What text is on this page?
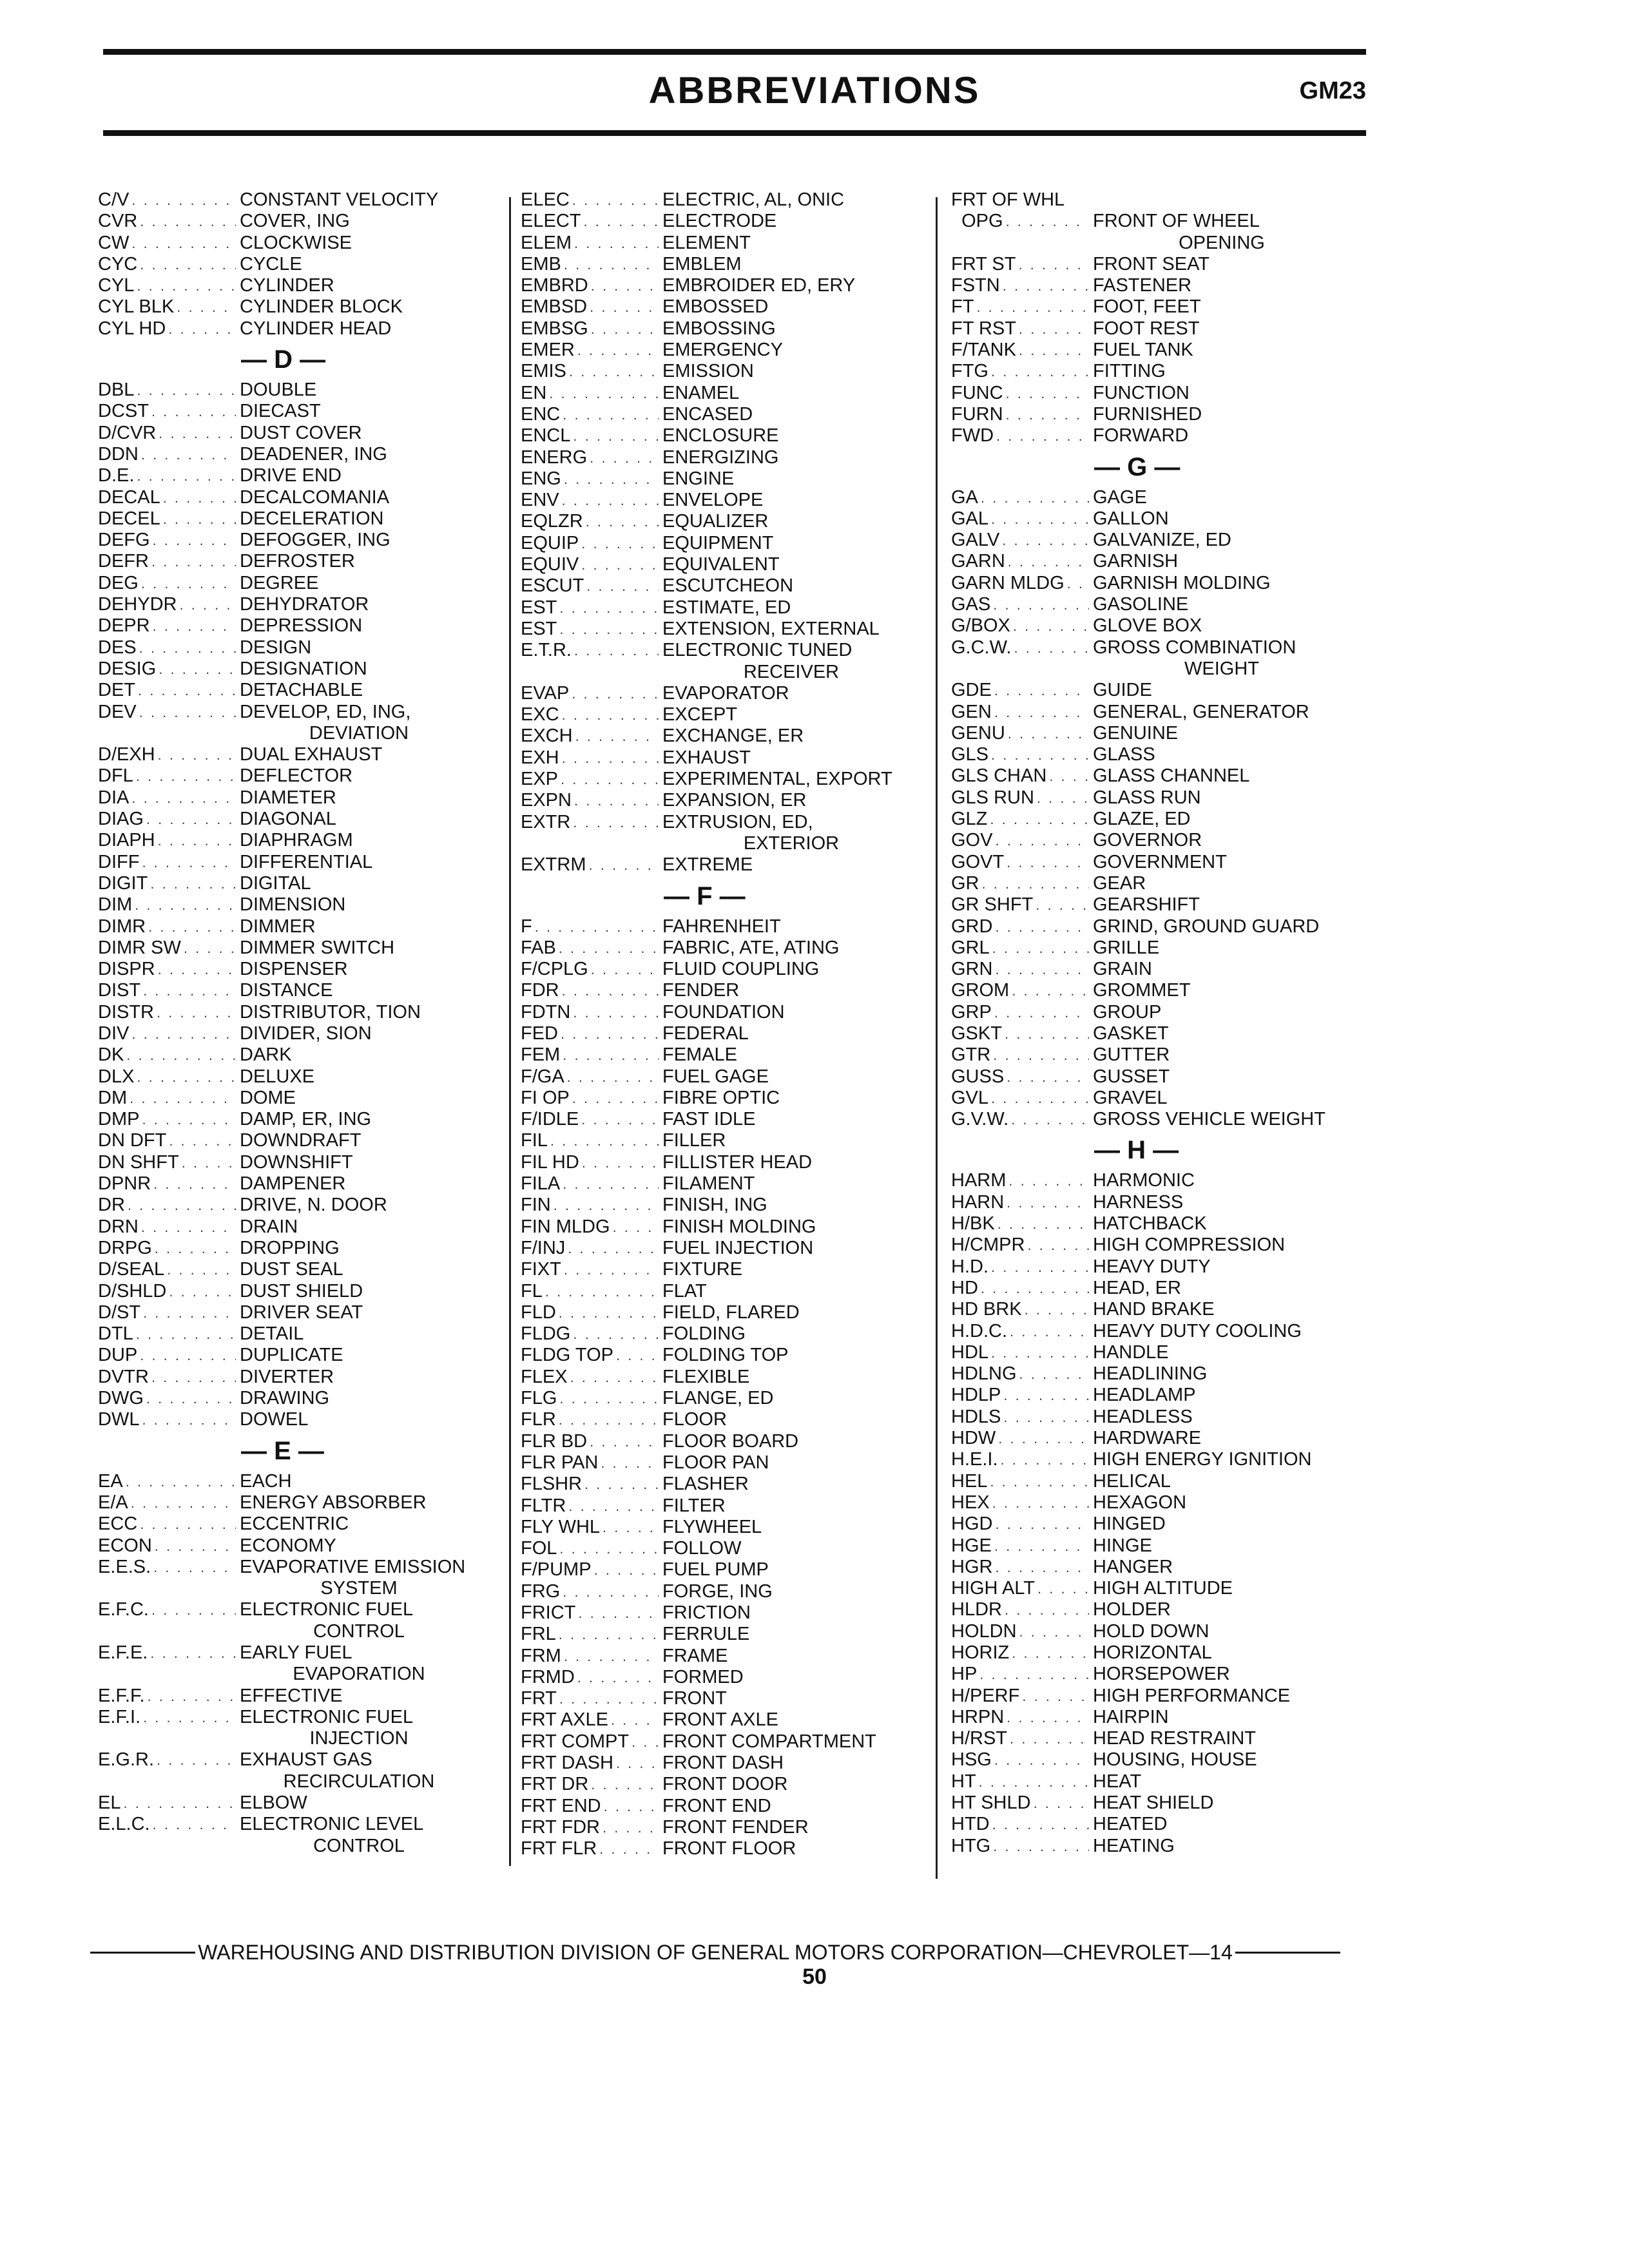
ABBREVIATIONS	GM23
C/V . . .	CONSTANT VELOCITY
CVR . . .	COVER, ING
CW . . .	CLOCKWISE
CYC . . .	CYCLE
CYL . . .	CYLINDER
CYL BLK . . .	CYLINDER BLOCK
CYL HD . . .	CYLINDER HEAD
— D —
DBL . . .	DOUBLE
DCST . . .	DIECAST
D/CVR . . .	DUST COVER
DDN . . .	DEADENER, ING
D.E. . . .	DRIVE END
DECAL . . .	DECALCOMANIA
DECEL . . .	DECELERATION
DEFG . . .	DEFOGGER, ING
DEFR . . .	DEFROSTER
DEG . . .	DEGREE
DEHYDR . . .	DEHYDRATOR
DEPR . . .	DEPRESSION
DES . . .	DESIGN
DESIG . . .	DESIGNATION
DET . . .	DETACHABLE
DEV . . .	DEVELOP, ED, ING,
DEVIATION
D/EXH . . .	DUAL EXHAUST
DFL . . .	DEFLECTOR
DIA . . .	DIAMETER
DIAG . . .	DIAGONAL
DIAPH . . .	DIAPHRAGM
DIFF . . .	DIFFERENTIAL
DIGIT . . .	DIGITAL
DIM . . .	DIMENSION
DIMR . . .	DIMMER
DIMR SW . . .	DIMMER SWITCH
DISPR . . .	DISPENSER
DIST . . .	DISTANCE
DISTR . . .	DISTRIBUTOR, TION
DIV . . .	DIVIDER, SION
DK . . .	DARK
DLX . . .	DELUXE
DM . . .	DOME
DMP . . .	DAMP, ER, ING
DN DFT . . .	DOWNDRAFT
DN SHFT . . .	DOWNSHIFT
DPNR . . .	DAMPENER
DR . . .	DRIVE, N. DOOR
DRN . . .	DRAIN
DRPG . . .	DROPPING
D/SEAL . . .	DUST SEAL
D/SHLD . . .	DUST SHIELD
D/ST . . .	DRIVER SEAT
DTL . . .	DETAIL
DUP . . .	DUPLICATE
DVTR . . .	DIVERTER
DWG . . .	DRAWING
DWL . . .	DOWEL
— E —
EA . . .	EACH
E/A . . .	ENERGY ABSORBER
ECC . . .	ECCENTRIC
ECON . . .	ECONOMY
E.E.S. . . .	EVAPORATIVE EMISSION
SYSTEM
E.F.C. . . .	ELECTRONIC FUEL
CONTROL
E.F.E. . . .	EARLY FUEL
EVAPORATION
E.F.F. . . .	EFFECTIVE
E.F.I. . . .	ELECTRONIC FUEL
INJECTION
E.G.R. . . .	EXHAUST GAS
RECIRCULATION
EL . . .	ELBOW
E.L.C. . . .	ELECTRONIC LEVEL
CONTROL
ELEC . . .	ELECTRIC, AL, ONIC
ELECT . . .	ELECTRODE
ELEM . . .	ELEMENT
EMB . . .	EMBLEM
EMBRD . . .	EMBROIDER ED, ERY
EMBSD . . .	EMBOSSED
EMBSG . . .	EMBOSSING
EMER . . .	EMERGENCY
EMIS . . .	EMISSION
EN . . .	ENAMEL
ENC . . .	ENCASED
ENCL . . .	ENCLOSURE
ENERG . . .	ENERGIZING
ENG . . .	ENGINE
ENV . . .	ENVELOPE
EQLZR . . .	EQUALIZER
EQUIP . . .	EQUIPMENT
EQUIV . . .	EQUIVALENT
ESCUT . . .	ESCUTCHEON
EST . . .	ESTIMATE, ED
EST . . .	EXTENSION, EXTERNAL
E.T.R. . . .	ELECTRONIC TUNED
RECEIVER
EVAP . . .	EVAPORATOR
EXC . . .	EXCEPT
EXCH . . .	EXCHANGE, ER
EXH . . .	EXHAUST
EXP . . .	EXPERIMENTAL, EXPORT
EXPN . . .	EXPANSION, ER
EXTR . . .	EXTRUSION, ED,
EXTERIOR
EXTRM . . .	EXTREME
— F —
F . . .	FAHRENHEIT
FAB . . .	FABRIC, ATE, ATING
F/CPLG . . .	FLUID COUPLING
FDR . . .	FENDER
FDTN . . .	FOUNDATION
FED . . .	FEDERAL
FEM . . .	FEMALE
F/GA . . .	FUEL GAGE
FI OP . . .	FIBRE OPTIC
F/IDLE . . .	FAST IDLE
FIL . . .	FILLER
FIL HD . . .	FILLISTER HEAD
FILA . . .	FILAMENT
FIN . . .	FINISH, ING
FIN MLDG . . .	FINISH MOLDING
F/INJ . . .	FUEL INJECTION
FIXT . . .	FIXTURE
FL . . .	FLAT
FLD . . .	FIELD, FLARED
FLDG . . .	FOLDING
FLDG TOP . . .	FOLDING TOP
FLEX . . .	FLEXIBLE
FLG . . .	FLANGE, ED
FLR . . .	FLOOR
FLR BD . . .	FLOOR BOARD
FLR PAN . . .	FLOOR PAN
FLSHR . . .	FLASHER
FLTR . . .	FILTER
FLY WHL . . .	FLYWHEEL
FOL . . .	FOLLOW
F/PUMP . . .	FUEL PUMP
FRG . . .	FORGE, ING
FRICT . . .	FRICTION
FRL . . .	FERRULE
FRM . . .	FRAME
FRMD . . .	FORMED
FRT . . .	FRONT
FRT AXLE . . .	FRONT AXLE
FRT COMPT . . . FRONT COMPARTMENT
FRT DASH . . .	FRONT DASH
FRT DR . . .	FRONT DOOR
FRT END . . .	FRONT END
FRT FDR . . .	FRONT FENDER
FRT FLR . . .	FRONT FLOOR
FRT OF WHL
OPG . . .	FRONT OF WHEEL
OPENING
FRT ST . . .	FRONT SEAT
FSTN . . .	FASTENER
FT . . .	FOOT, FEET
FT RST . . .	FOOT REST
F/TANK . . .	FUEL TANK
FTG . . .	FITTING
FUNC . . .	FUNCTION
FURN . . .	FURNISHED
FWD . . .	FORWARD
— G —
GA . . .	GAGE
GAL . . .	GALLON
GALV . . .	GALVANIZE, ED
GARN . . .	GARNISH
GARN MLDG . . . GARNISH MOLDING
GAS . . .	GASOLINE
G/BOX . . .	GLOVE BOX
G.C.W. . . .	GROSS COMBINATION
WEIGHT
GDE . . .	GUIDE
GEN . . .	GENERAL, GENERATOR
GENU . . .	GENUINE
GLS . . .	GLASS
GLS CHAN . . . GLASS CHANNEL
GLS RUN . . .	GLASS RUN
GLZ . . .	GLAZE, ED
GOV . . .	GOVERNOR
GOVT . . .	GOVERNMENT
GR . . .	GEAR
GR SHFT . . .	GEARSHIFT
GRD . . .	GRIND, GROUND GUARD
GRL . . .	GRILLE
GRN . . .	GRAIN
GROM . . .	GROMMET
GRP . . .	GROUP
GSKT . . .	GASKET
GTR . . .	GUTTER
GUSS . . .	GUSSET
GVL . . .	GRAVEL
G.V.W. . . .	GROSS VEHICLE WEIGHT
— H —
HARM . . .	HARMONIC
HARN . . .	HARNESS
H/BK . . .	HATCHBACK
H/CMPR . . .	HIGH COMPRESSION
H.D. . . .	HEAVY DUTY
HD . . .	HEAD, ER
HD BRK . . .	HAND BRAKE
H.D.C. . . .	HEAVY DUTY COOLING
HDL . . .	HANDLE
HDLNG . . .	HEADLINING
HDLP . . .	HEADLAMP
HDLS . . .	HEADLESS
HDW . . .	HARDWARE
H.E.I. . . .	HIGH ENERGY IGNITION
HEL . . .	HELICAL
HEX . . .	HEXAGON
HGD . . .	HINGED
HGE . . .	HINGE
HGR . . .	HANGER
HIGH ALT . . .	HIGH ALTITUDE
HLDR . . .	HOLDER
HOLDN . . .	HOLD DOWN
HORIZ . . .	HORIZONTAL
HP . . .	HORSEPOWER
H/PERF . . .	HIGH PERFORMANCE
HRPN . . .	HAIRPIN
H/RST . . .	HEAD RESTRAINT
HSG . . .	HOUSING, HOUSE
HT . . .	HEAT
HT SHLD . . .	HEAT SHIELD
HTD . . .	HEATED
HTG . . .	HEATING
WAREHOUSING AND DISTRIBUTION DIVISION OF GENERAL MOTORS CORPORATION—CHEVROLET—14
50
